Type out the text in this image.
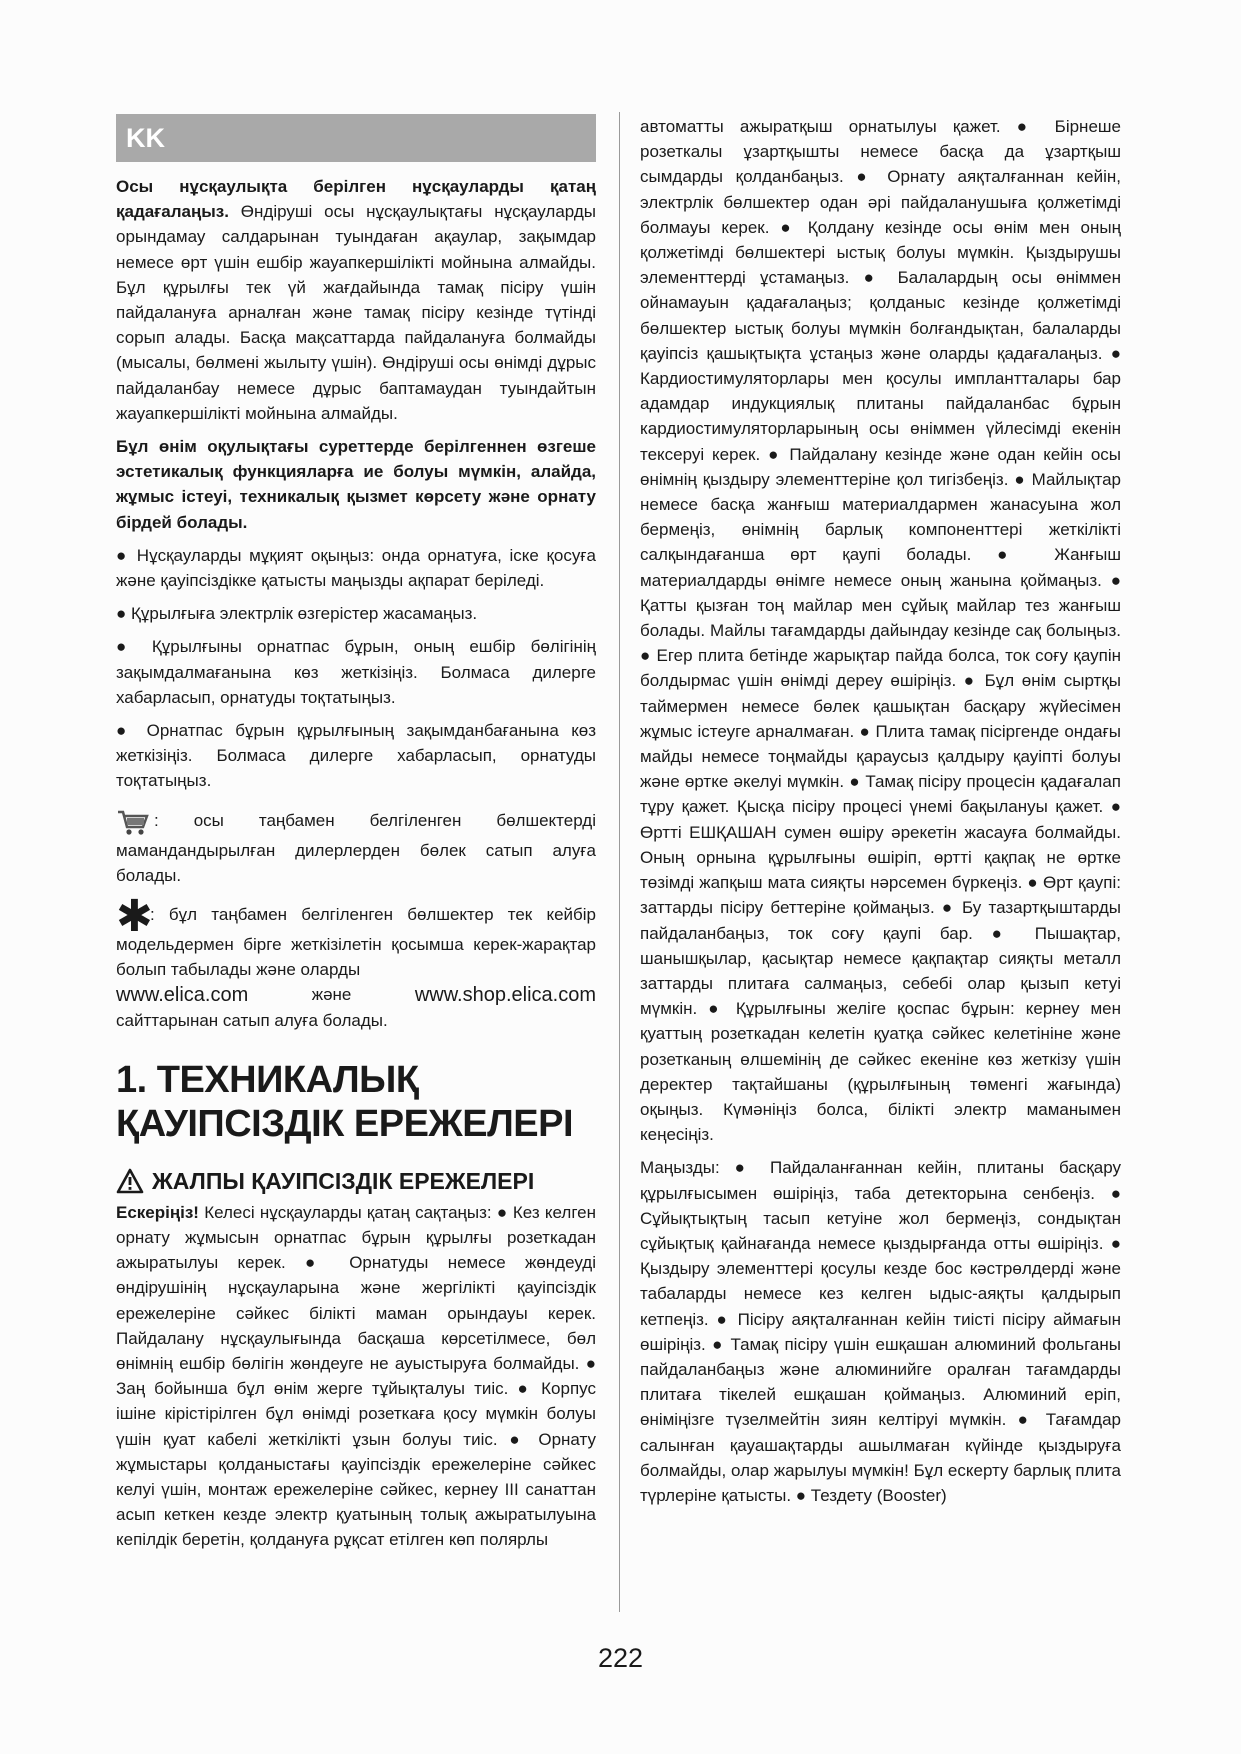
KK

Осы нұсқаулықта берілген нұсқауларды қатаң қадағалаңыз. Өндіруші осы нұсқаулықтағы нұсқауларды орындамау салдарынан туындаған ақаулар, зақымдар немесе өрт үшін ешбір жауапкершілікті мойнына алмайды. Бұл құрылғы тек үй жағдайында тамақ пісіру үшін пайдалануға арналған және тамақ пісіру кезінде түтінді сорып алады. Басқа мақсаттарда пайдалануға болмайды (мысалы, бөлмені жылыту үшін). Өндіруші осы өнімді дұрыс пайдаланбау немесе дұрыс баптамаудан туындайтын жауапкершілікті мойнына алмайды.

Бұл өнім оқулықтағы суреттерде берілгеннен өзгеше эстетикалық функцияларға ие болуы мүмкін, алайда, жұмыс істеуі, техникалық қызмет көрсету және орнату бірдей болады.

● Нұсқауларды мұқият оқыңыз: онда орнатуға, іске қосуға және қауіпсіздікке қатысты маңызды ақпарат беріледі.

● Құрылғыға электрлік өзгерістер жасамаңыз.

● Құрылғыны орнатпас бұрын, оның ешбір бөлігінің зақымдалмағанына көз жеткізіңіз. Болмаса дилерге хабарласып, орнатуды тоқтатыңыз.

● Орнатпас бұрын құрылғының зақымданбағанына көз жеткізіңіз. Болмаса дилерге хабарласып, орнатуды тоқтатыңыз.

: осы таңбамен белгіленген бөлшектерді мамандандырылған дилерлерден бөлек сатып алуға болады.

✱: бұл таңбамен белгіленген бөлшектер тек кейбір модельдермен бірге жеткізілетін қосымша керек-жарақтар болып табылады және оларды

www.elica.com	және	www.shop.elica.com

сайттарынан сатып алуға болады.

1. ТЕХНИКАЛЫҚ ҚАУІПСІЗДІК ЕРЕЖЕЛЕРІ
ЖАЛПЫ ҚАУІПСІЗДІК ЕРЕЖЕЛЕРІ

Ескеріңіз! Келесі нұсқауларды қатаң сақтаңыз: ● Кез келген орнату жұмысын орнатпас бұрын құрылғы розеткадан ажыратылуы керек. ● Орнатуды немесе жөндеуді өндірушінің нұсқауларына және жергілікті қауіпсіздік ережелеріне сәйкес білікті маман орындауы керек. Пайдалану нұсқаулығында басқаша көрсетілмесе, бөл өнімнің ешбір бөлігін жөндеуге не ауыстыруға болмайды. ● Заң бойынша бұл өнім жерге тұйықталуы тиіс. ● Корпус ішіне кірістірілген бұл өнімді розеткаға қосу мүмкін болуы үшін қуат кабелі жеткілікті ұзын болуы тиіс. ● Орнату жұмыстары қолданыстағы қауіпсіздік ережелеріне сәйкес келуі үшін, монтаж ережелеріне сәйкес, кернеу III санаттан асып кеткен кезде электр қуатының толық ажыратылуына кепілдік беретін, қолдануға рұқсат етілген көп полярлы

автоматты ажыратқыш орнатылуы қажет. ● Бірнеше розеткалы ұзартқышты немесе басқа да ұзартқыш сымдарды қолданбаңыз. ● Орнату аяқталғаннан кейін, электрлік бөлшектер одан әрі пайдаланушыға қолжетімді болмауы керек. ● Қолдану кезінде осы өнім мен оның қолжетімді бөлшектері ыстық болуы мүмкін. Қыздырушы элементтерді ұстамаңыз. ● Балалардың осы өніммен ойнамауын қадағалаңыз; қолданыс кезінде қолжетімді бөлшектер ыстық болуы мүмкін болғандықтан, балаларды қауіпсіз қашықтықта ұстаңыз және оларды қадағалаңыз. ● Кардиостимуляторлары мен қосулы имплантталары бар адамдар индукциялық плитаны пайдаланбас бұрын кардиостимуляторларының осы өніммен үйлесімді екенін тексеруі керек. ● Пайдалану кезінде және одан кейін осы өнімнің қыздыру элементтеріне қол тигізбеңіз. ● Майлықтар немесе басқа жанғыш материалдармен жанасуына жол бермеңіз, өнімнің барлық компоненттері жеткілікті салқындағанша өрт қаупі болады. ● Жанғыш материалдарды өнімге немесе оның жанына қоймаңыз. ● Қатты қызған тоң майлар мен сұйық майлар тез жанғыш болады. Майлы тағамдарды дайындау кезінде сақ болыңыз. ● Егер плита бетінде жарықтар пайда болса, ток соғу қаупін болдырмас үшін өнімді дереу өшіріңіз. ● Бұл өнім сыртқы таймермен немесе бөлек қашықтан басқару жүйесімен жұмыс істеуге арналмаған. ● Плита тамақ пісіргенде ондағы майды немесе тоңмайды қараусыз қалдыру қауіпті болуы және өртке әкелуі мүмкін. ● Тамақ пісіру процесін қадағалап тұру қажет. Қысқа пісіру процесі үнемі бақылануы қажет. ● Өртті ЕШҚАШАН сумен өшіру әрекетін жасауға болмайды. Оның орнына құрылғыны өшіріп, өртті қақпақ не өртке төзімді жапқыш мата сияқты нәрсемен бүркеңіз. ● Өрт қаупі: заттарды пісіру беттеріне қоймаңыз. ● Бу тазартқыштарды пайдаланбаңыз, ток соғу қаупі бар. ● Пышақтар, шанышқылар, қасықтар немесе қақпақтар сияқты металл заттарды плитаға салмаңыз, себебі олар қызып кетуі мүмкін. ● Құрылғыны желіге қоспас бұрын: кернеу мен қуаттың розеткадан келетін қуатқа сәйкес келетініне және розетканың өлшемінің де сәйкес екеніне көз жеткізу үшін деректер тақтайшаны (құрылғының төменгі жағында) оқыңыз. Күмәніңіз болса, білікті электр маманымен кеңесіңіз.

Маңызды: ● Пайдаланғаннан кейін, плитаны басқару құрылғысымен өшіріңіз, таба детекторына сенбеңіз. ● Сұйықтықтың тасып кетуіне жол бермеңіз, сондықтан сұйықтық қайнағанда немесе қыздырғанда отты өшіріңіз. ● Қыздыру элементтері қосулы кезде бос кәстрөлдерді және табаларды немесе кез келген ыдыс-аяқты қалдырып кетпеңіз. ● Пісіру аяқталғаннан кейін тиісті пісіру аймағын өшіріңіз. ● Тамақ пісіру үшін ешқашан алюминий фольганы пайдаланбаңыз және алюминийге оралған тағамдарды плитаға тікелей ешқашан қоймаңыз. Алюминий еріп, өніміңізге түзелмейтін зиян келтіруі мүмкін. ● Тағамдар салынған қауашақтарды ашылмаған күйінде қыздыруға болмайды, олар жарылуы мүмкін! Бұл ескерту барлық плита түрлеріне қатысты. ● Тездету (Booster)

222
